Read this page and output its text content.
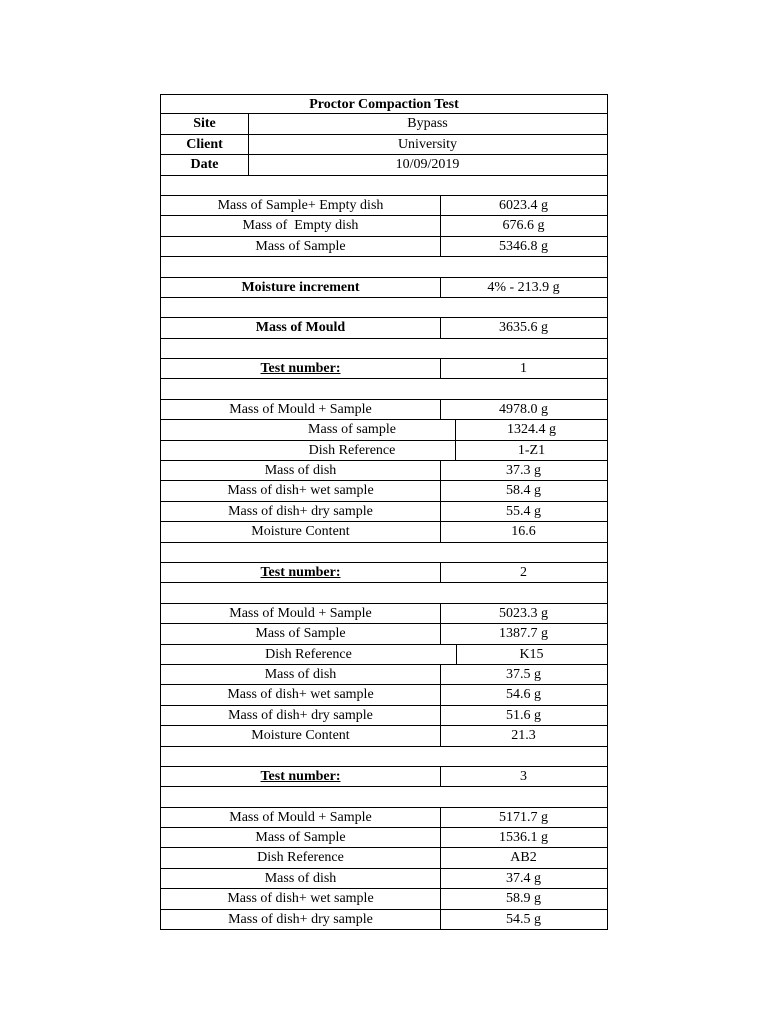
Proctor Compaction Test
Site	Bypass
Client	University
Date	10/09/2019
Mass of Sample+ Empty dish	6023.4 g
Mass of  Empty dish	676.6 g
Mass of Sample	5346.8 g
Moisture increment	4% - 213.9 g
Mass of Mould	3635.6 g
Test number:	1
Mass of Mould + Sample	4978.0 g
Mass of sample	1324.4 g
Dish Reference	1-Z1
Mass of dish	37.3 g
Mass of dish+ wet sample	58.4 g
Mass of dish+ dry sample	55.4 g
Moisture Content	16.6
Test number:	2
Mass of Mould + Sample	5023.3 g
Mass of Sample	1387.7 g
Dish Reference	K15
Mass of dish	37.5 g
Mass of dish+ wet sample	54.6 g
Mass of dish+ dry sample	51.6 g
Moisture Content	21.3
Test number:	3
Mass of Mould + Sample	5171.7 g
Mass of Sample	1536.1 g
Dish Reference	AB2
Mass of dish	37.4 g
Mass of dish+ wet sample	58.9 g
Mass of dish+ dry sample	54.5 g
